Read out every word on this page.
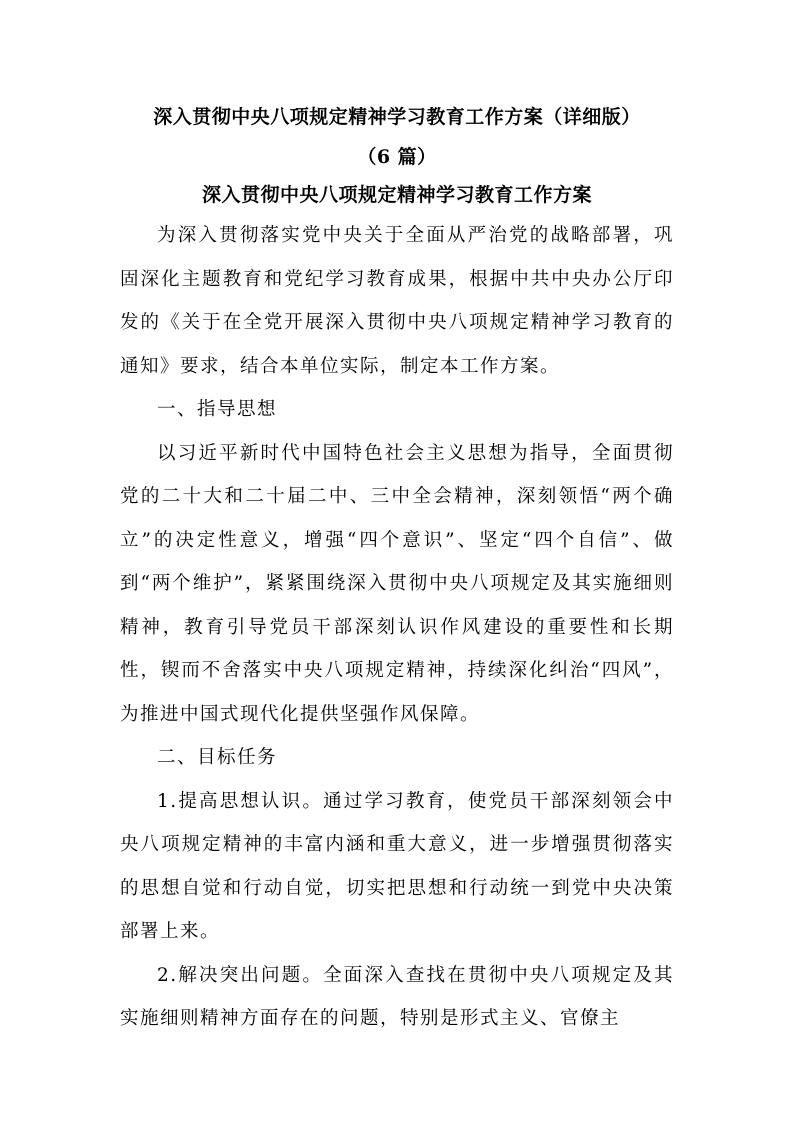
深入贯彻中央八项规定精神学习教育工作方案（详细版）

（6 篇）

深入贯彻中央八项规定精神学习教育工作方案

为深入贯彻落实党中央关于全面从严治党的战略部署，巩固深化主题教育和党纪学习教育成果，根据中共中央办公厅印发的《关于在全党开展深入贯彻中央八项规定精神学习教育的通知》要求，结合本单位实际，制定本工作方案。

一、指导思想

以习近平新时代中国特色社会主义思想为指导，全面贯彻党的二十大和二十届二中、三中全会精神，深刻领悟“两个确立”的决定性意义，增强“四个意识”、坚定“四个自信”、做到“两个维护”，紧紧围绕深入贯彻中央八项规定及其实施细则精神，教育引导党员干部深刻认识作风建设的重要性和长期性，锲而不舍落实中央八项规定精神，持续深化纠治“四风”，为推进中国式现代化提供坚强作风保障。

二、目标任务

1.提高思想认识。通过学习教育，使党员干部深刻领会中央八项规定精神的丰富内涵和重大意义，进一步增强贯彻落实的思想自觉和行动自觉，切实把思想和行动统一到党中央决策部署上来。

2.解决突出问题。全面深入查找在贯彻中央八项规定及其实施细则精神方面存在的问题，特别是形式主义、官僚主
